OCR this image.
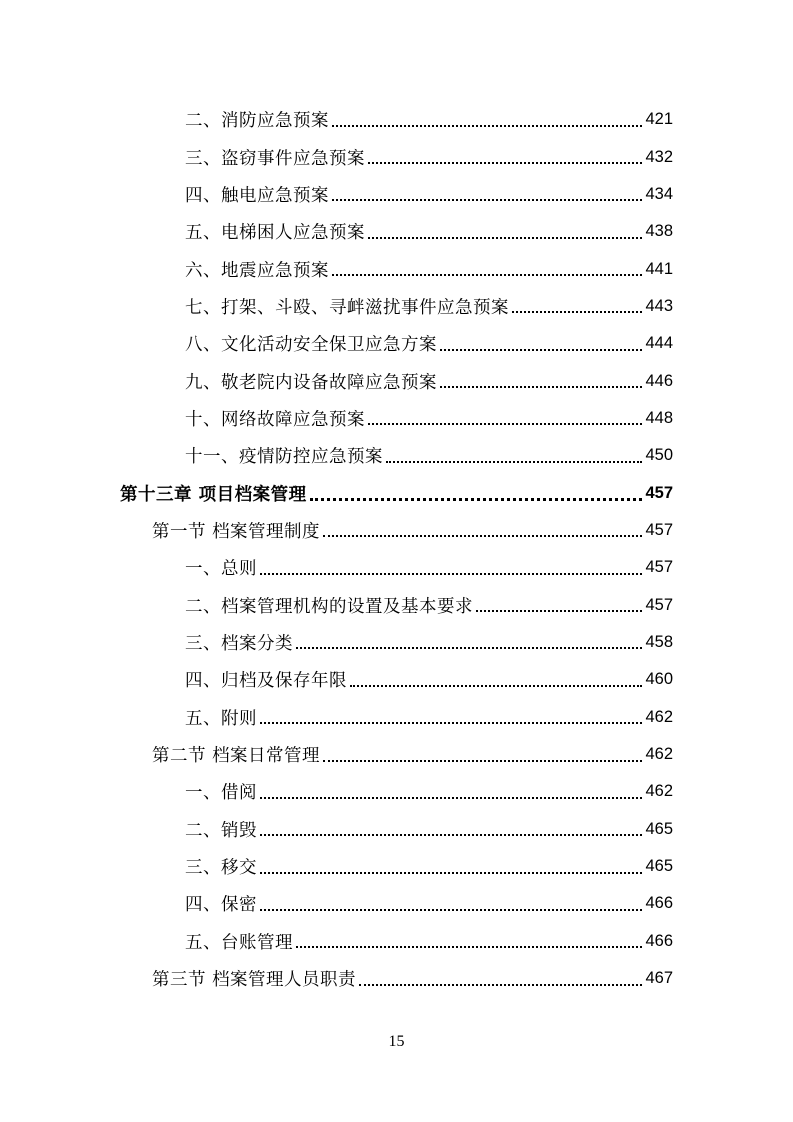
二、消防应急预案	421
三、盗窃事件应急预案	432
四、触电应急预案	434
五、电梯困人应急预案	438
六、地震应急预案	441
七、打架、斗殴、寻衅滋扰事件应急预案	443
八、文化活动安全保卫应急方案	444
九、敬老院内设备故障应急预案	446
十、网络故障应急预案	448
十一、疫情防控应急预案	450
第十三章 项目档案管理	457
第一节 档案管理制度	457
一、总则	457
二、档案管理机构的设置及基本要求	457
三、档案分类	458
四、归档及保存年限	460
五、附则	462
第二节 档案日常管理	462
一、借阅	462
二、销毁	465
三、移交	465
四、保密	466
五、台账管理	466
第三节 档案管理人员职责	467
15
